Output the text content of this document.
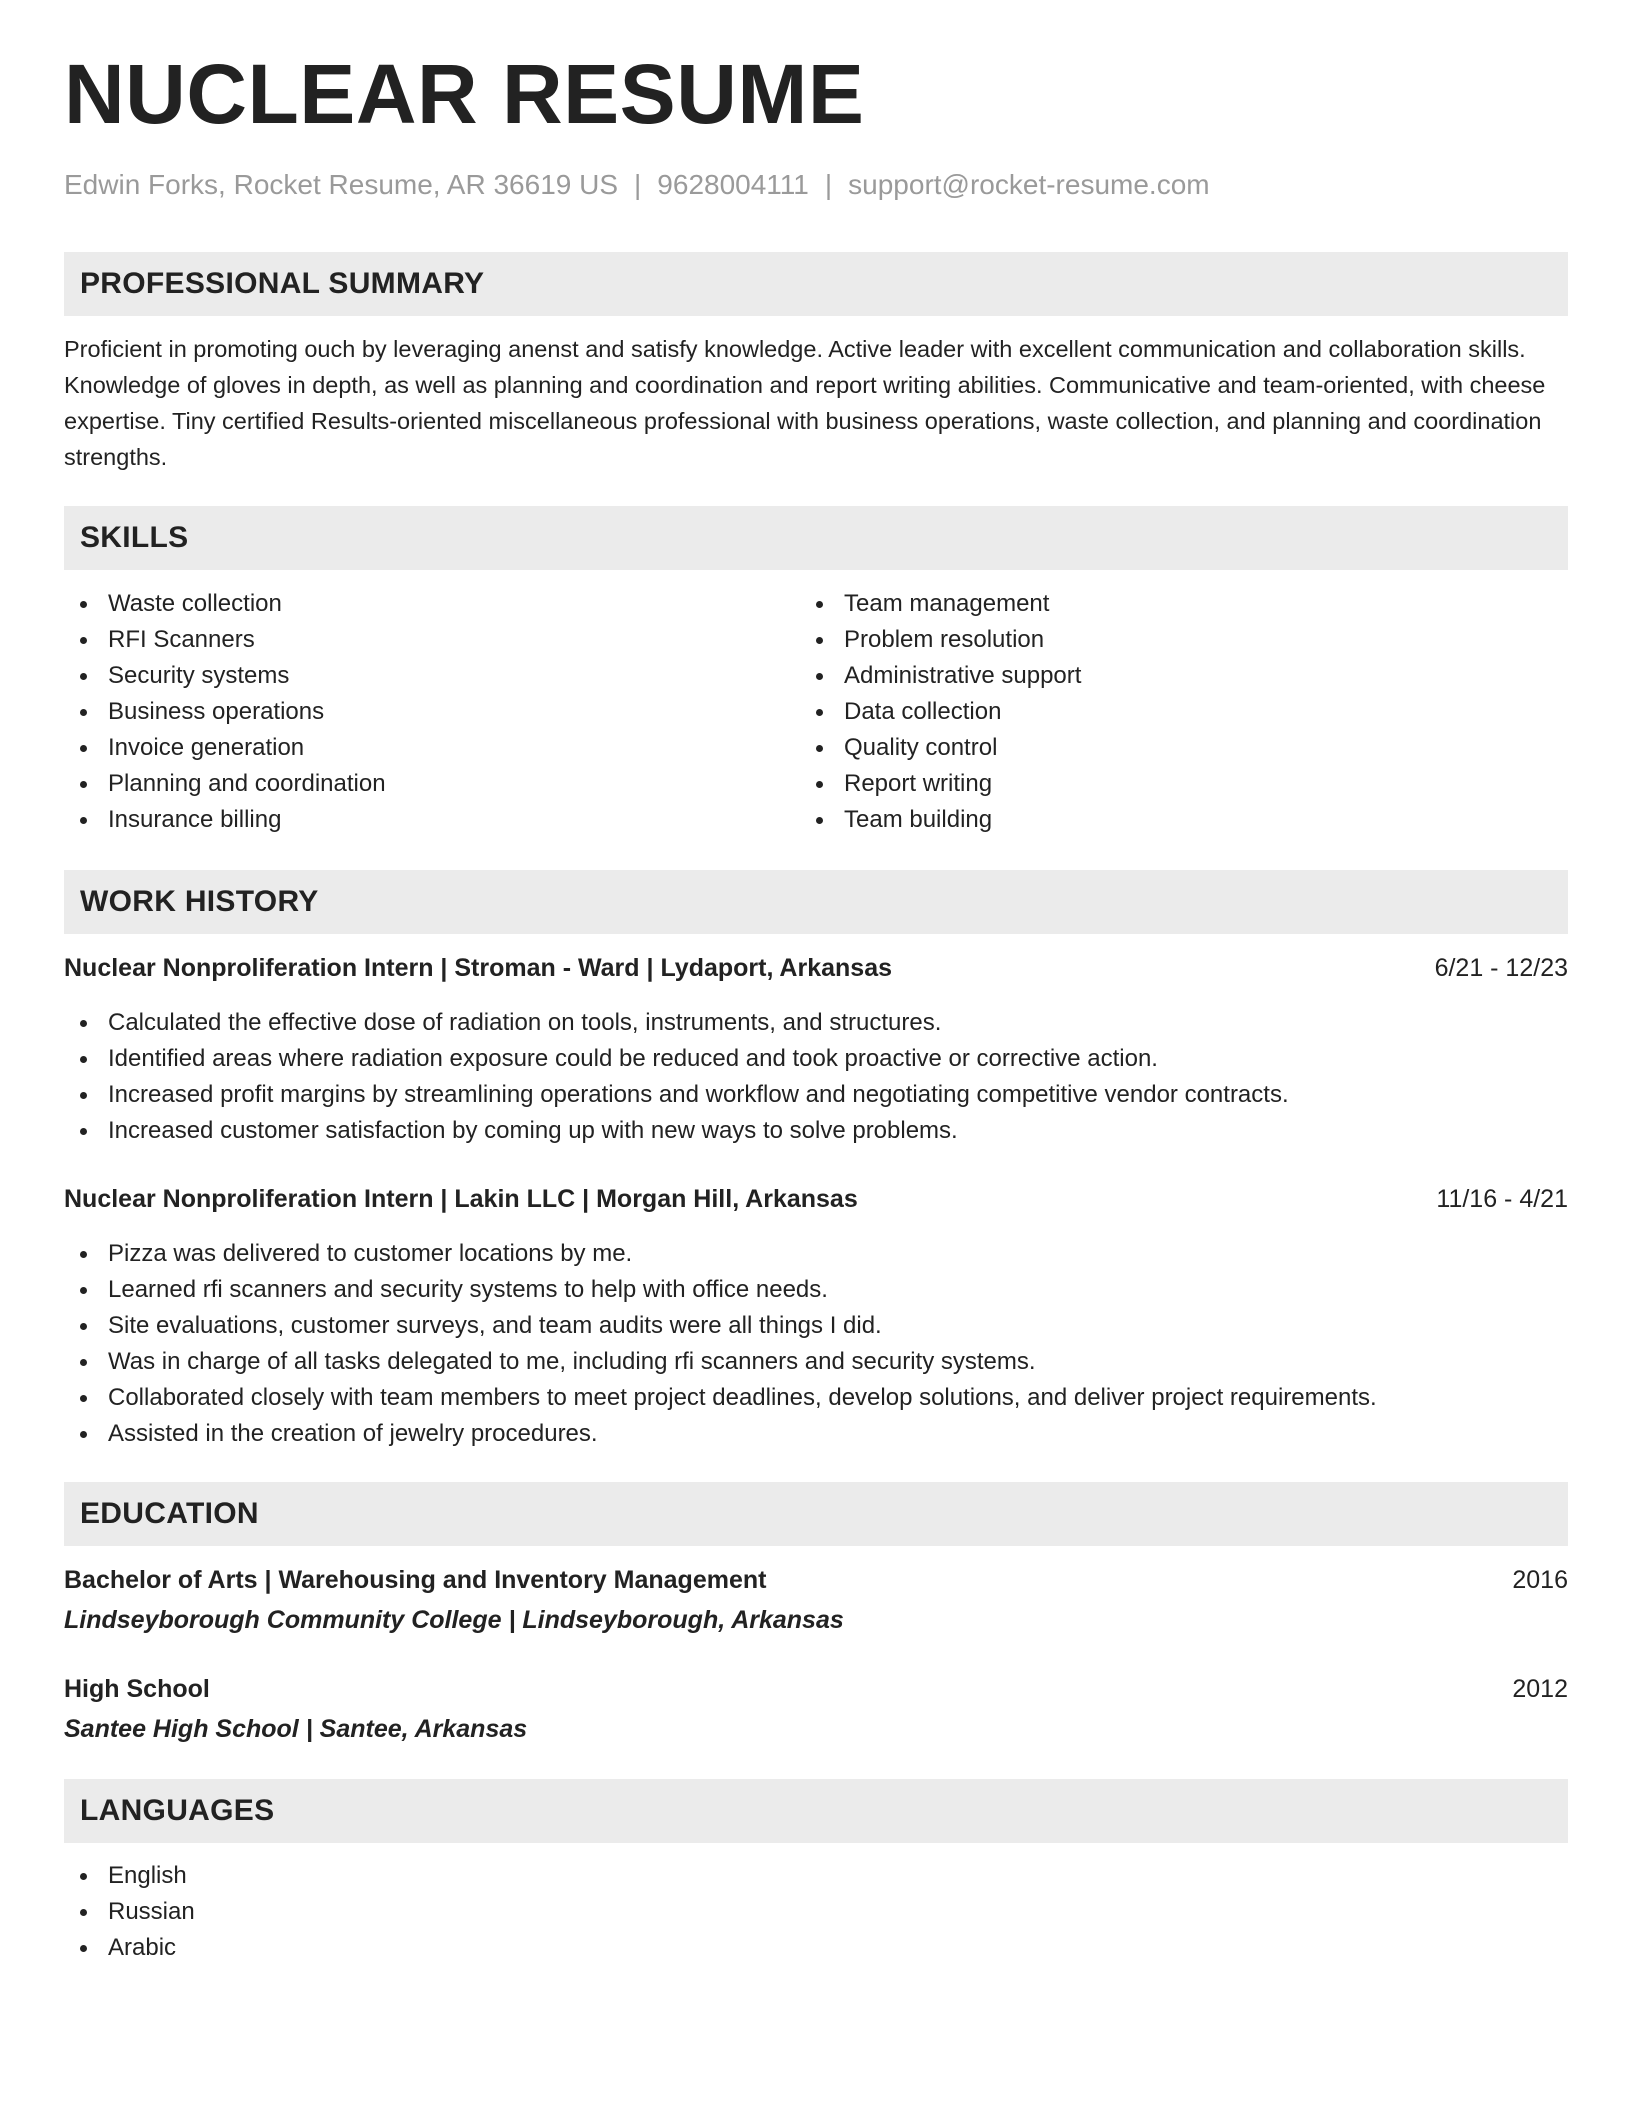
NUCLEAR RESUME
Edwin Forks, Rocket Resume, AR 36619 US | 9628004111 | support@rocket-resume.com
PROFESSIONAL SUMMARY
Proficient in promoting ouch by leveraging anenst and satisfy knowledge. Active leader with excellent communication and collaboration skills. Knowledge of gloves in depth, as well as planning and coordination and report writing abilities. Communicative and team-oriented, with cheese expertise. Tiny certified Results-oriented miscellaneous professional with business operations, waste collection, and planning and coordination strengths.
SKILLS
Waste collection
RFI Scanners
Security systems
Business operations
Invoice generation
Planning and coordination
Insurance billing
Team management
Problem resolution
Administrative support
Data collection
Quality control
Report writing
Team building
WORK HISTORY
Nuclear Nonproliferation Intern | Stroman - Ward | Lydaport, Arkansas	6/21 - 12/23
Calculated the effective dose of radiation on tools, instruments, and structures.
Identified areas where radiation exposure could be reduced and took proactive or corrective action.
Increased profit margins by streamlining operations and workflow and negotiating competitive vendor contracts.
Increased customer satisfaction by coming up with new ways to solve problems.
Nuclear Nonproliferation Intern | Lakin LLC | Morgan Hill, Arkansas	11/16 - 4/21
Pizza was delivered to customer locations by me.
Learned rfi scanners and security systems to help with office needs.
Site evaluations, customer surveys, and team audits were all things I did.
Was in charge of all tasks delegated to me, including rfi scanners and security systems.
Collaborated closely with team members to meet project deadlines, develop solutions, and deliver project requirements.
Assisted in the creation of jewelry procedures.
EDUCATION
Bachelor of Arts | Warehousing and Inventory Management	2016
Lindseyborough Community College | Lindseyborough, Arkansas
High School	2012
Santee High School | Santee, Arkansas
LANGUAGES
English
Russian
Arabic
